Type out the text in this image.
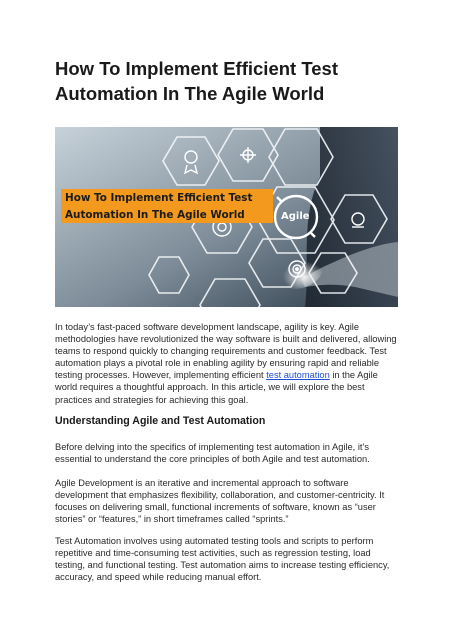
How To Implement Efficient Test Automation In The Agile World
How To Implement Efficient Test
Automation In The Agile World	Agile

In today’s fast-paced software development landscape, agility is key. Agile methodologies have revolutionized the way software is built and delivered, allowing teams to respond quickly to changing requirements and customer feedback. Test automation plays a pivotal role in enabling agility by ensuring rapid and reliable testing processes. However, implementing efficient test automation in the Agile world requires a thoughtful approach. In this article, we will explore the best practices and strategies for achieving this goal.

Understanding Agile and Test Automation

Before delving into the specifics of implementing test automation in Agile, it’s essential to understand the core principles of both Agile and test automation.

Agile Development is an iterative and incremental approach to software development that emphasizes flexibility, collaboration, and customer-centricity. It focuses on delivering small, functional increments of software, known as “user stories” or “features,” in short timeframes called “sprints.”

Test Automation involves using automated testing tools and scripts to perform repetitive and time-consuming test activities, such as regression testing, load testing, and functional testing. Test automation aims to increase testing efficiency, accuracy, and speed while reducing manual effort.
